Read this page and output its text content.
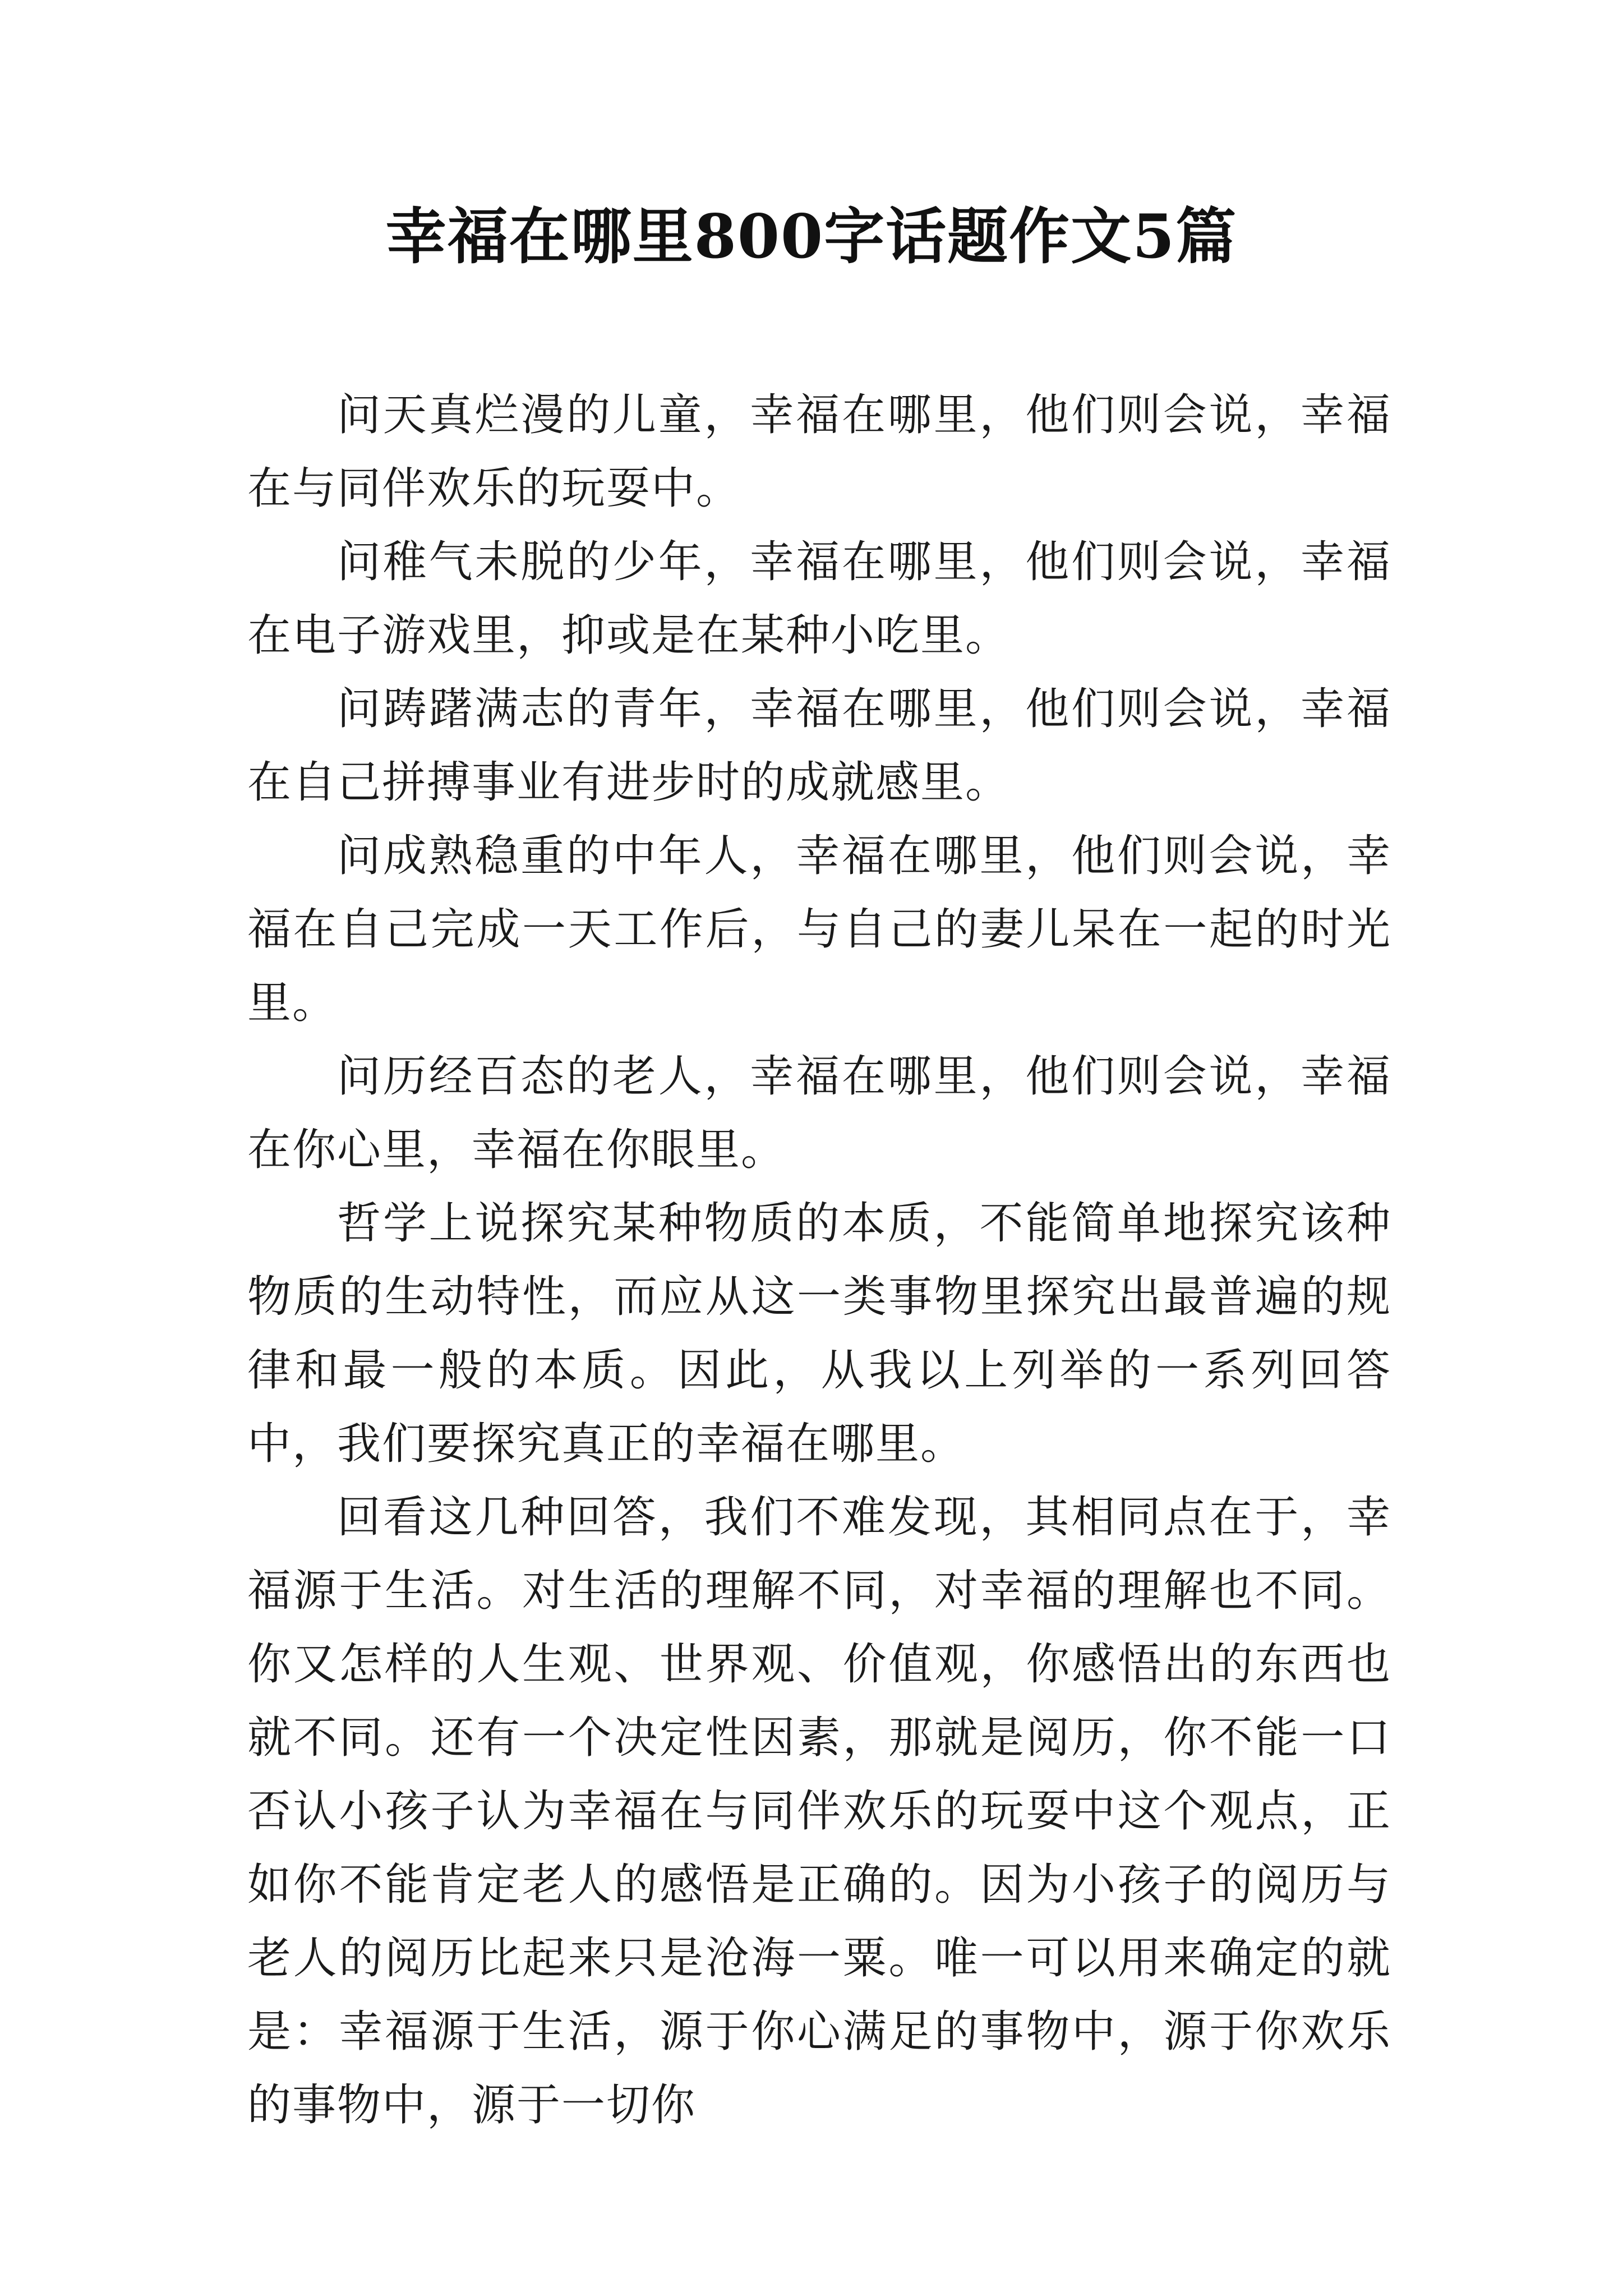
幸福在哪里800字话题作文5篇

问天真烂漫的儿童，幸福在哪里，他们则会说，幸福在与同伴欢乐的玩耍中。

问稚气未脱的少年，幸福在哪里，他们则会说，幸福在电子游戏里，抑或是在某种小吃里。

问踌躇满志的青年，幸福在哪里，他们则会说，幸福在自己拼搏事业有进步时的成就感里。

问成熟稳重的中年人，幸福在哪里，他们则会说，幸福在自己完成一天工作后，与自己的妻儿呆在一起的时光里。

问历经百态的老人，幸福在哪里，他们则会说，幸福在你心里，幸福在你眼里。

哲学上说探究某种物质的本质，不能简单地探究该种物质的生动特性，而应从这一类事物里探究出最普遍的规律和最一般的本质。因此，从我以上列举的一系列回答中，我们要探究真正的幸福在哪里。

回看这几种回答，我们不难发现，其相同点在于，幸福源于生活。对生活的理解不同，对幸福的理解也不同。你又怎样的人生观、世界观、价值观，你感悟出的东西也就不同。还有一个决定性因素，那就是阅历，你不能一口否认小孩子认为幸福在与同伴欢乐的玩耍中这个观点，正如你不能肯定老人的感悟是正确的。因为小孩子的阅历与老人的阅历比起来只是沧海一粟。唯一可以用来确定的就是：幸福源于生活，源于你心满足的事物中，源于你欢乐的事物中，源于一切你
